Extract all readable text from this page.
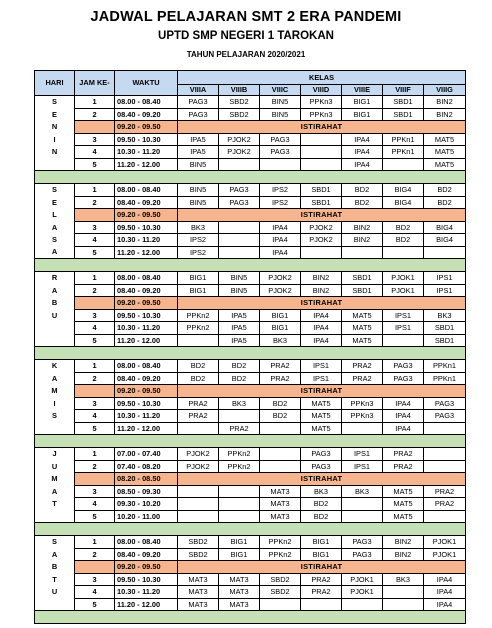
JADWAL PELAJARAN SMT 2 ERA PANDEMI
UPTD SMP NEGERI 1 TAROKAN
TAHUN PELAJARAN 2020/2021
HARI	JAM KE-	WAKTU	KELAS						
			VIIIA	VIIIB	VIIIC	VIIID	VIIIE	VIIIF	VIIIG
S	1	08.00 - 08.40	PAG3	SBD2	BIN5	PPKn3	BIG1	SBD1	BIN2
E	2	08.40 - 09.20	PAG3	SBD2	BIN5	PPKn3	BIG1	SBD1	BIN2
N		09.20 - 09.50	ISTIRAHAT						
I	3	09.50 - 10.30	IPA5	PJOK2	PAG3		IPA4	PPKn1	MAT5
N	4	10.30 - 11.20	IPA5	PJOK2	PAG3		IPA4	PPKn1	MAT5
	5	11.20 - 12.00	BIN5				IPA4		MAT5

S	1	08.00 - 08.40	BIN5	PAG3	IPS2	SBD1	BD2	BIG4	BD2
E	2	08.40 - 09.20	BIN5	PAG3	IPS2	SBD1	BD2	BIG4	BD2
L		09.20 - 09.50	ISTIRAHAT						
A	3	09.50 - 10.30	BK3		IPA4	PJOK2	BIN2	BD2	BIG4
S	4	10.30 - 11.20	IPS2		IPA4	PJOK2	BIN2	BD2	BIG4
A	5	11.20 - 12.00	IPS2		IPA4				

R	1	08.00 - 08.40	BIG1	BIN5	PJOK2	BIN2	SBD1	PJOK1	IPS1
A	2	08.40 - 09.20	BIG1	BIN5	PJOK2	BIN2	SBD1	PJOK1	IPS1
B		09.20 - 09.50	ISTIRAHAT						
U	3	09.50 - 10.30	PPKn2	IPA5	BIG1	IPA4	MAT5	IPS1	BK3
	4	10.30 - 11.20	PPKn2	IPA5	BIG1	IPA4	MAT5	IPS1	SBD1
	5	11.20 - 12.00		IPA5	BK3	IPA4	MAT5		SBD1

K	1	08.00 - 08.40	BD2	BD2	PRA2	IPS1	PRA2	PAG3	PPKn1
A	2	08.40 - 09.20	BD2	BD2	PRA2	IPS1	PRA2	PAG3	PPKn1
M		09.20 - 09.50	ISTIRAHAT						
I	3	09.50 - 10.30	PRA2	BK3	BD2	MAT5	PPKn3	IPA4	PAG3
S	4	10.30 - 11.20	PRA2		BD2	MAT5	PPKn3	IPA4	PAG3
	5	11.20 - 12.00		PRA2		MAT5		IPA4	

J	1	07.00 - 07.40	PJOK2	PPKn2		PAG3	IPS1	PRA2	
U	2	07.40 - 08.20	PJOK2	PPKn2		PAG3	IPS1	PRA2	
M		08.20 - 08.50	ISTIRAHAT						
A	3	08.50 - 09.30			MAT3	BK3	BK3	MAT5	PRA2
T	4	09.30 - 10.20			MAT3	BD2		MAT5	PRA2
	5	10.20 - 11.00			MAT3	BD2		MAT5	

S	1	08.00 - 08.40	SBD2	BIG1	PPKn2	BIG1	PAG3	BIN2	PJOK1
A	2	08.40 - 09.20	SBD2	BIG1	PPKn2	BIG1	PAG3	BIN2	PJOK1
B		09.20 - 09.50	ISTIRAHAT						
T	3	09.50 - 10.30	MAT3	MAT3	SBD2	PRA2	PJOK1	BK3	IPA4
U	4	10.30 - 11.20	MAT3	MAT3	SBD2	PRA2	PJOK1		IPA4
	5	11.20 - 12.00	MAT3	MAT3					IPA4
